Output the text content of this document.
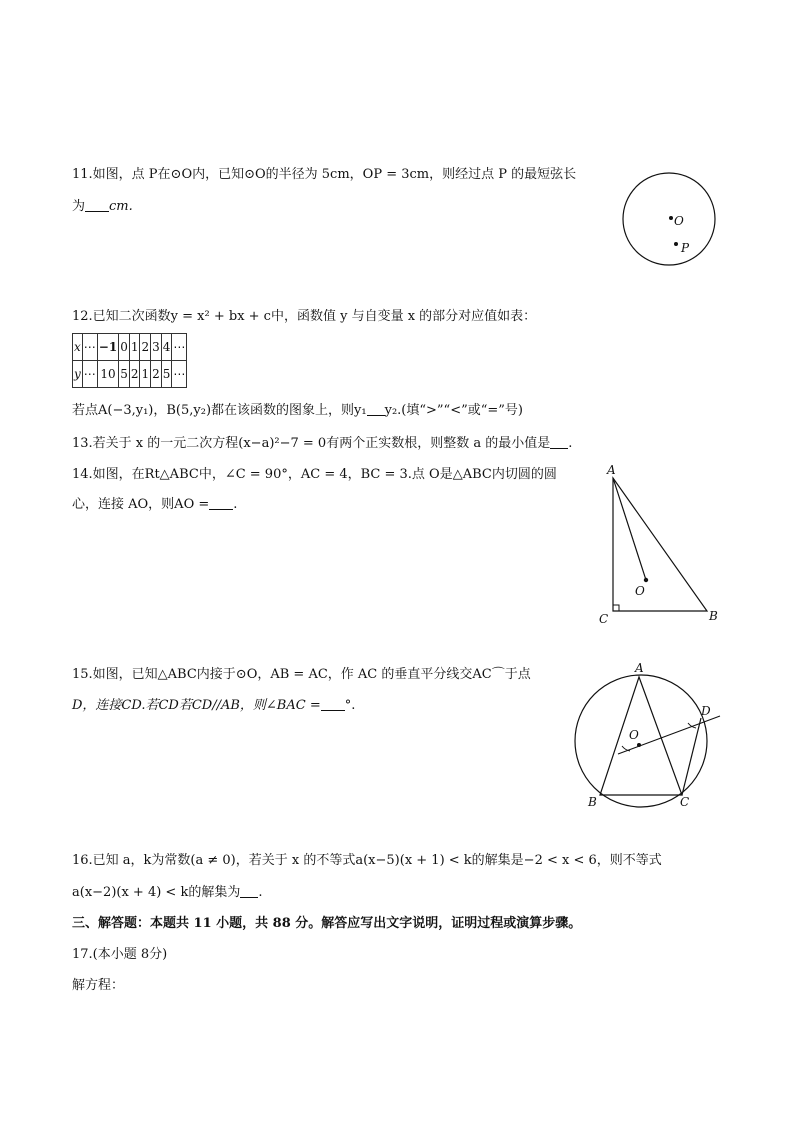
11.如图，点 P在⊙O内，已知⊙O的半径为 5cm，OP = 3cm，则经过点 P 的最短弦长
为 cm.
O
P
12.已知二次函数y = x² + bx + c中，函数值 y 与自变量 x 的部分对应值如表：
x	⋯	−1	0	1	2	3	4	⋯
y	⋯	10	5	2	1	2	5	⋯
若点A(−3,y₁)，B(5,y₂)都在该函数的图象上，则y₁ y₂.(填“>”“<”或“=”号)
13.若关于 x 的一元二次方程(x−a)²−7 = 0有两个正实数根，则整数 a 的最小值是 .
14.如图，在Rt△ABC中，∠C = 90°，AC = 4，BC = 3.点 O是△ABC内切圆的圆
心，连接 AO，则AO = .
A
O
C	B
15.如图，已知△ABC内接于⊙O，AB = AC，作 AC 的垂直平分线交AC⌒于点
D，连接CD.若CD若CD//AB，则∠BAC = °.
A
D
O
B	C
16.已知 a，k为常数(a ≠ 0)，若关于 x 的不等式a(x−5)(x + 1) < k的解集是−2 < x < 6，则不等式
a(x−2)(x + 4) < k的解集为 .
三、解答题：本题共 11 小题，共 88 分。解答应写出文字说明，证明过程或演算步骤。
17.(本小题 8分)
解方程：
